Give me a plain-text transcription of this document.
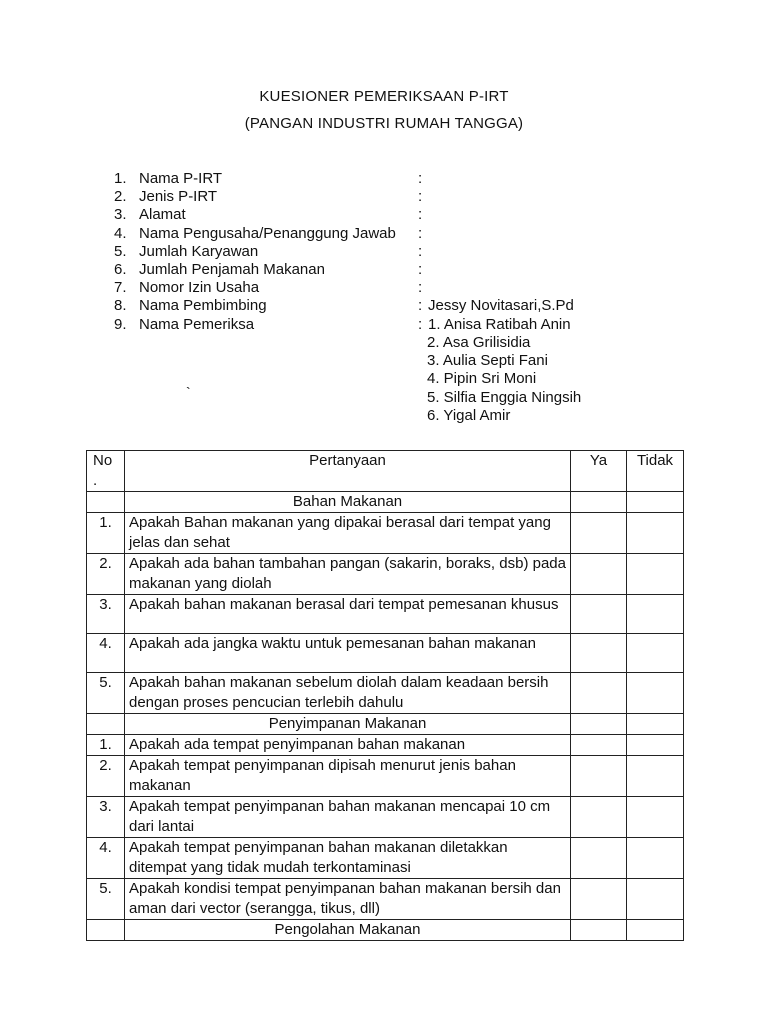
KUESIONER PEMERIKSAAN P-IRT
(PANGAN INDUSTRI RUMAH TANGGA)
1. Nama P-IRT	:
2. Jenis P-IRT	:
3. Alamat	:
4. Nama Pengusaha/Penanggung Jawab :
5. Jumlah Karyawan	:
6. Jumlah Penjamah Makanan	:
7. Nomor Izin Usaha	:
8. Nama Pembimbing	: Jessy Novitasari,S.Pd
9. Nama Pemeriksa	: 1. Anisa Ratibah Anin
2. Asa Grilisidia
3. Aulia Septi Fani
4. Pipin Sri Moni
5. Silfia Enggia Ningsih
6. Yigal Amir
`
No .	Pertanyaan	Ya	Tidak
	Bahan Makanan		
1.	Apakah Bahan makanan yang dipakai berasal dari tempat yang jelas dan sehat		
2.	Apakah ada bahan tambahan pangan (sakarin, boraks, dsb) pada makanan yang diolah		
3.	Apakah bahan makanan berasal dari tempat pemesanan khusus		
4.	Apakah ada jangka waktu untuk pemesanan bahan makanan		
5.	Apakah bahan makanan sebelum diolah dalam keadaan bersih dengan proses pencucian terlebih dahulu		
	Penyimpanan Makanan		
1.	Apakah ada tempat penyimpanan bahan makanan		
2.	Apakah tempat penyimpanan dipisah menurut jenis bahan makanan		
3.	Apakah tempat penyimpanan bahan makanan mencapai 10 cm dari lantai		
4.	Apakah tempat penyimpanan bahan makanan diletakkan ditempat yang tidak mudah terkontaminasi		
5.	Apakah kondisi tempat penyimpanan bahan makanan bersih dan aman dari vector (serangga, tikus, dll)		
	Pengolahan Makanan		
